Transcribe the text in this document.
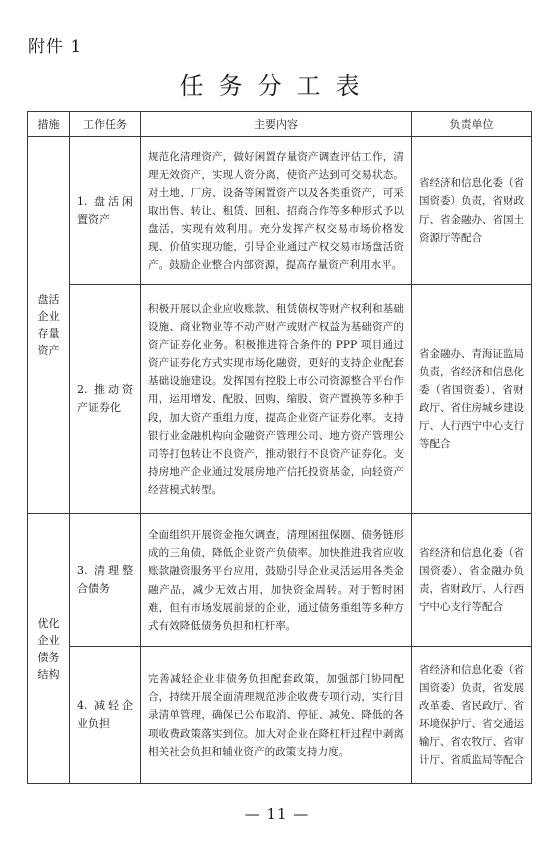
附件 1
任务分工表
措施	工作任务	主要内容	负责单位
盘活企业存量资产	1. 盘活闲置资产	规范化清理资产，做好闲置存量资产调查评估工作，清理无效资产，实现人资分离，使资产达到可交易状态。对土地、厂房、设备等闲置资产以及各类重资产，可采取出售、转让、租赁、回租、招商合作等多种形式予以盘活，实现有效利用。充分发挥产权交易市场价格发现、价值实现功能，引导企业通过产权交易市场盘活资产。鼓励企业整合内部资源，提高存量资产利用水平。	省经济和信息化委（省国资委）负责，省财政厅、省金融办、省国土资源厅等配合
	2. 推动资产证券化	积极开展以企业应收账款、租赁债权等财产权利和基础设施、商业物业等不动产财产或财产权益为基础资产的资产证券化业务。积极推进符合条件的 PPP 项目通过资产证券化方式实现市场化融资，更好的支持企业配套基础设施建设。发挥国有控股上市公司资源整合平台作用，运用增发、配股、回购、缩股、资产置换等多种手段，加大资产重组力度，提高企业资产证券化率。支持银行业金融机构向金融资产管理公司、地方资产管理公司等打包转让不良资产，推动银行不良资产证券化。支持房地产企业通过发展房地产信托投资基金，向轻资产经营模式转型。	省金融办、青海证监局负责，省经济和信息化委（省国资委）、省财政厅、省住房城乡建设厅、人行西宁中心支行等配合
优化企业债务结构	3. 清理整合债务	全面组织开展资金拖欠调查，清理困扭保圈、债务链形成的三角债，降低企业资产负债率。加快推进我省应收账款融资服务平台应用，鼓励引导企业灵活运用各类金融产品，减少无效占用，加快资金周转。对于暂时困难，但有市场发展前景的企业，通过债务重组等多种方式有效降低债务负担和杠杆率。	省经济和信息化委（省国资委）、省金融办负责，省财政厅、人行西宁中心支行等配合
	4. 减轻企业负担	完善减轻企业非债务负担配套政策，加强部门协同配合，持续开展全面清理规范涉企收费专项行动，实行目录清单管理，确保已公布取消、停征、减免、降低的各项收费政策落实到位。加大对企业在降杠杆过程中剥离相关社会负担和辅业资产的政策支持力度。	省经济和信息化委（省国资委）负责，省发展改革委、省民政厅、省环境保护厅、省交通运输厅、省农牧厅、省审计厅、省质监局等配合
— 11 —
